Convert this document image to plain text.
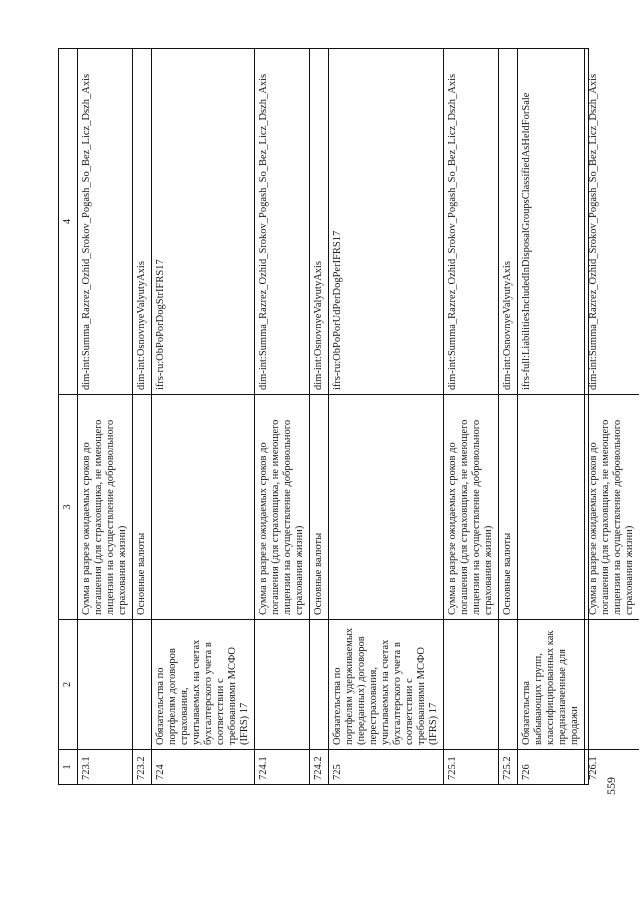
559
1
2
3
4
723.1
Сумма в разрезе ожидаемых сроков до погашения (для страховщика, не имеющего лицензии на осуществление добровольного страхования жизни)
dim-int:Summa_Razrez_Ozhid_Srokov_Pogash_So_Bez_Licz_Dszh_Axis
723.2
Основные валюты
dim-int:OsnovnyeValyutyAxis
724
Обязательства по портфелям договоров страхования, учитываемых на счетах бухгалтерского учета в соответствии с требованиями МСФО (IFRS) 17
ifrs-ru:ObPoPorDogStrIFRS17
724.1
Сумма в разрезе ожидаемых сроков до погашения (для страховщика, не имеющего лицензии на осуществление добровольного страхования жизни)
dim-int:Summa_Razrez_Ozhid_Srokov_Pogash_So_Bez_Licz_Dszh_Axis
724.2
Основные валюты
dim-int:OsnovnyeValyutyAxis
725
Обязательства по портфелям удерживаемых (переданных) договоров перестрахования, учитываемых на счетах бухгалтерского учета в соответствии с требованиями МСФО (IFRS) 17
ifrs-ru:ObPoPorUdPerDogPerIFRS17
725.1
Сумма в разрезе ожидаемых сроков до погашения (для страховщика, не имеющего лицензии на осуществление добровольного страхования жизни)
dim-int:Summa_Razrez_Ozhid_Srokov_Pogash_So_Bez_Licz_Dszh_Axis
725.2
Основные валюты
dim-int:OsnovnyeValyutyAxis
726
Обязательства выбывающих групп, классифицированных как предназначенные для продажи
ifrs-full:LiabilitiesIncludedInDisposalGroupsClassifiedAsHeldForSale
726.1
Сумма в разрезе ожидаемых сроков до погашения (для страховщика, не имеющего лицензии на осуществление добровольного страхования жизни)
dim-int:Summa_Razrez_Ozhid_Srokov_Pogash_So_Bez_Licz_Dszh_Axis
